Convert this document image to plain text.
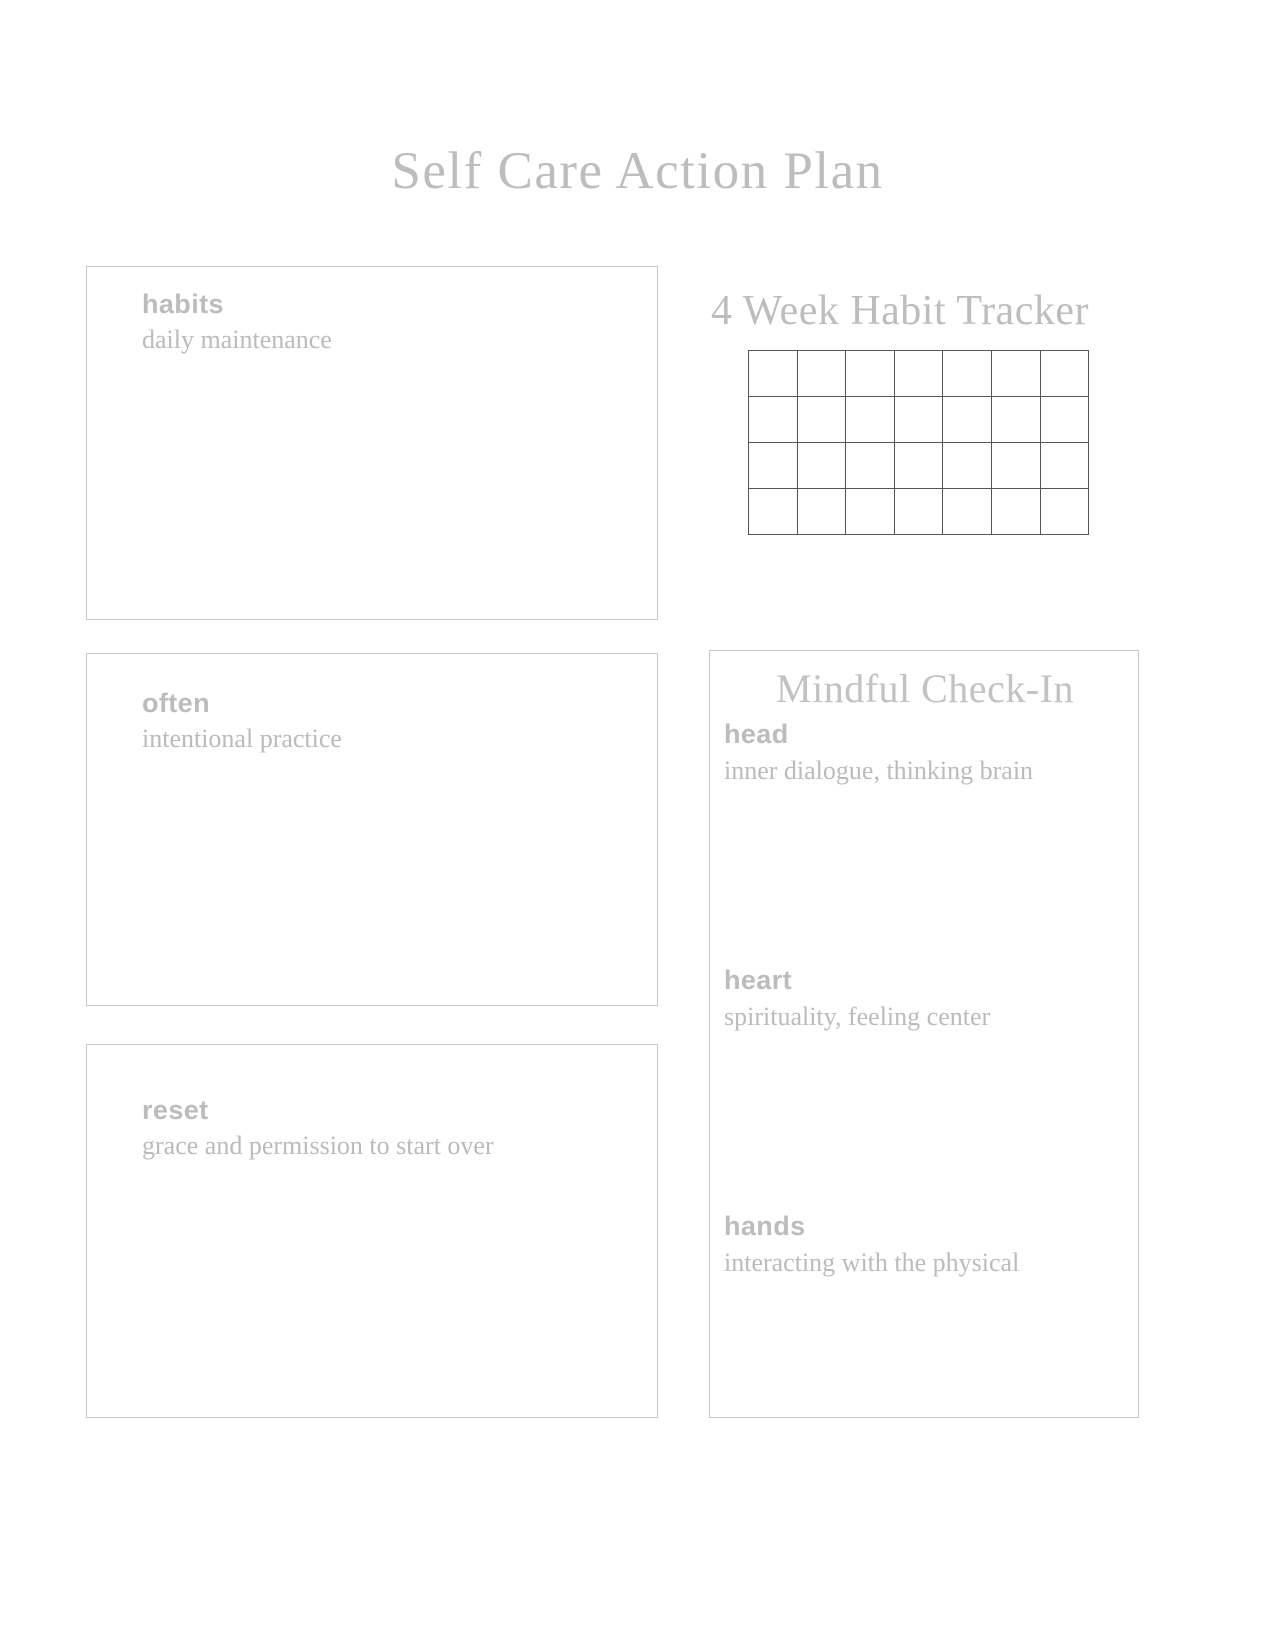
Self Care Action Plan
habits
daily maintenance
often
intentional practice
reset
grace and permission to start over
4 Week Habit Tracker
Mindful Check-In
head
inner dialogue, thinking brain
heart
spirituality, feeling center
hands
interacting with the physical
